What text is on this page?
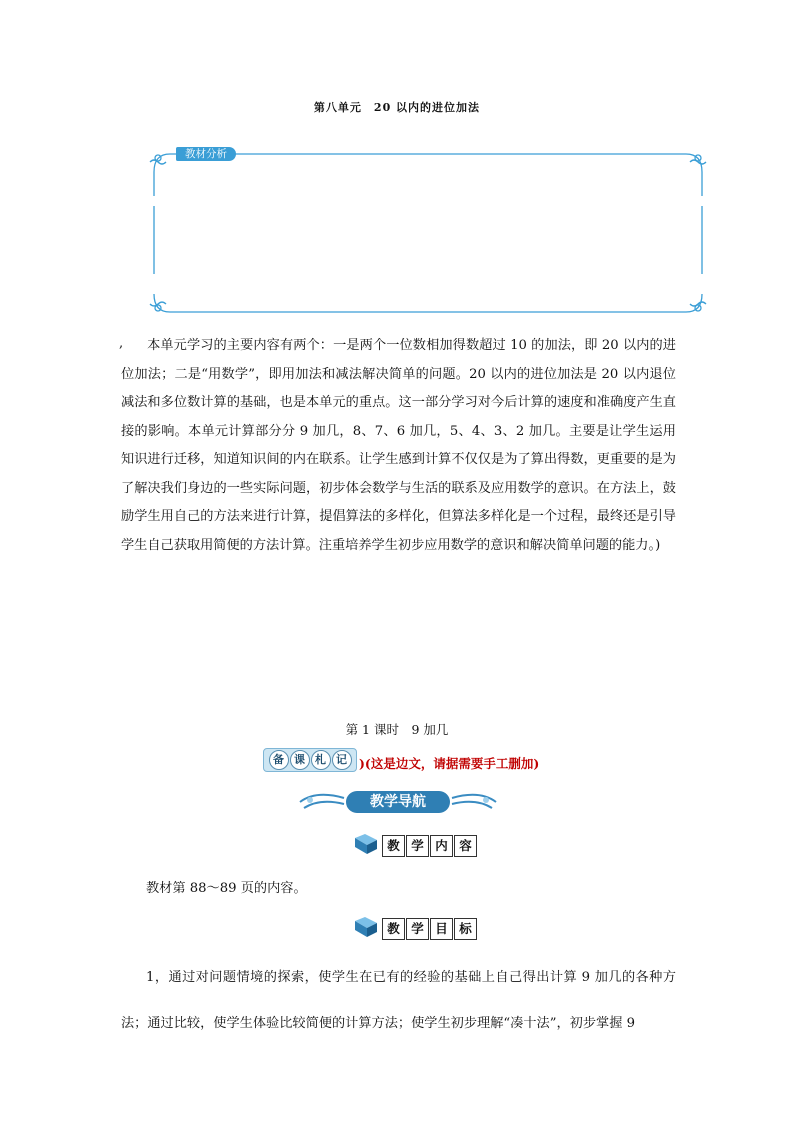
第八单元　20 以内的进位加法
教材分析
,	本单元学习的主要内容有两个：一是两个一位数相加得数超过 10 的加法，即 20 以内的进位加法；二是“用数学”，即用加法和减法解决简单的问题。20 以内的进位加法是 20 以内退位减法和多位数计算的基础，也是本单元的重点。这一部分学习对今后计算的速度和准确度产生直接的影响。本单元计算部分分 9 加几，8、7、6 加几，5、4、3、2 加几。主要是让学生运用知识进行迁移，知道知识间的内在联系。让学生感到计算不仅仅是为了算出得数，更重要的是为了解决我们身边的一些实际问题，初步体会数学与生活的联系及应用数学的意识。在方法上，鼓励学生用自己的方法来进行计算，提倡算法的多样化，但算法多样化是一个过程，最终还是引导学生自己获取用简便的方法计算。注重培养学生初步应用数学的意识和解决简单问题的能力。)
第 1 课时　9 加几
备 课 札 记 )(这是边文，请据需要手工删加)
教学导航
教 学 内 容
教材第 88～89 页的内容。
教 学 目 标
1，通过对问题情境的探索，使学生在已有的经验的基础上自己得出计算 9 加几的各种方法；通过比较，使学生体验比较简便的计算方法；使学生初步理解“凑十法”，初步掌握 9
